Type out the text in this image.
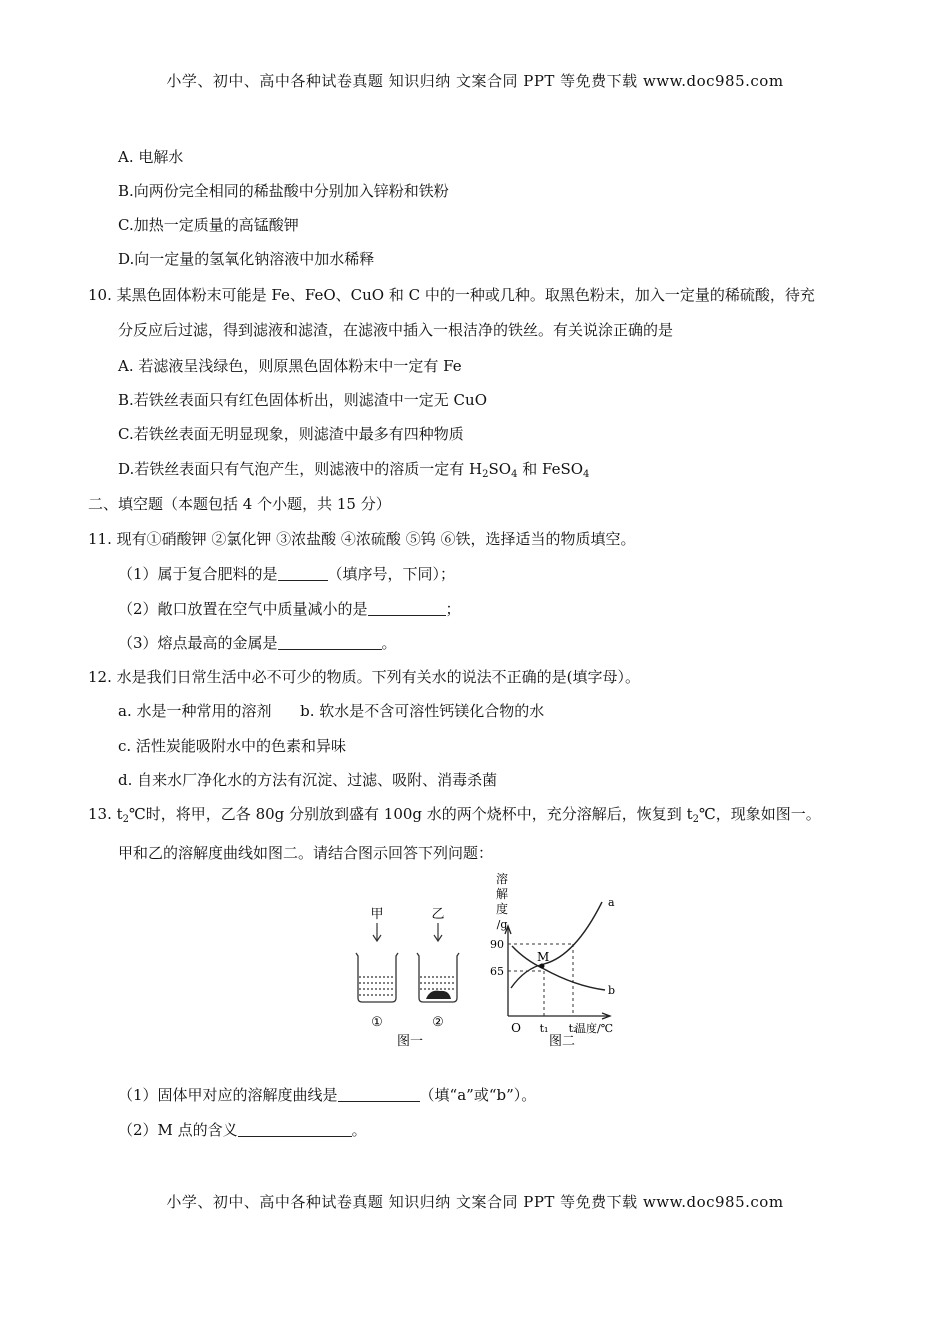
小学、初中、高中各种试卷真题 知识归纳 文案合同 PPT 等免费下载 www.doc985.com
A. 电解水
B.向两份完全相同的稀盐酸中分别加入锌粉和铁粉
C.加热一定质量的高锰酸钾
D.向一定量的氢氧化钠溶液中加水稀释
10. 某黑色固体粉末可能是 Fe、FeO、CuO 和 C 中的一种或几种。取黑色粉末，加入一定量的稀硫酸，待充
分反应后过滤，得到滤液和滤渣，在滤液中插入一根洁净的铁丝。有关说涂正确的是
A. 若滤液呈浅绿色，则原黑色固体粉末中一定有 Fe
B.若铁丝表面只有红色固体析出，则滤渣中一定无 CuO
C.若铁丝表面无明显现象，则滤渣中最多有四种物质
D.若铁丝表面只有气泡产生，则滤液中的溶质一定有 $H_2SO_4$ 和 FeSO$_4$
二、填空题（本题包括 4 个小题，共 15 分）
11. 现有①硝酸钾 ②氯化钾 ③浓盐酸 ④浓硫酸 ⑤钨 ⑥铁，选择适当的物质填空。
（1）属于复合肥料的是	（填序号，下同）；
（2）敞口放置在空气中质量减小的是	；
（3）熔点最高的金属是	。
12. 水是我们日常生活中必不可少的物质。下列有关水的说法不正确的是(填字母）。
a. 水是一种常用的溶剂      b. 软水是不含可溶性钙镁化合物的水
c. 活性炭能吸附水中的色素和异味
d. 自来水厂净化水的方法有沉淀、过滤、吸附、消毒杀菌
13. $t_2℃$时，将甲，乙各 80g 分别放到盛有 100g 水的两个烧杯中，充分溶解后，恢复到 $t_2℃$，现象如图一。
甲和乙的溶解度曲线如图二。请结合图示回答下列问题：
甲	乙
①	②
图一
溶
解
度
/g
O t₁ t₂
温度/℃
90
65
M
a
b
图二
（1）固体甲对应的溶解度曲线是	（填“a”或“b”）。
（2）M 点的含义	。
小学、初中、高中各种试卷真题 知识归纳 文案合同 PPT 等免费下载 www.doc985.com
